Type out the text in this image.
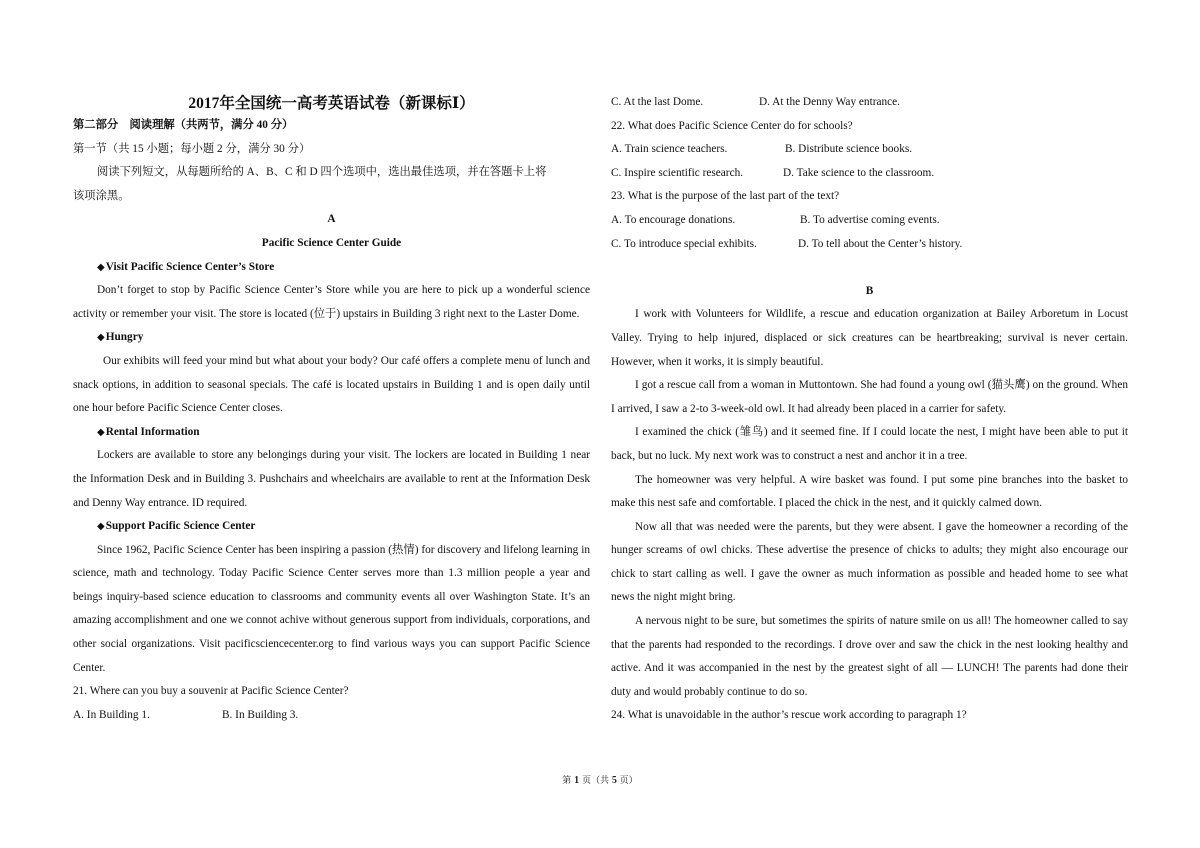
2017年全国统一高考英语试卷（新课标Ⅰ）

第二部分　阅读理解（共两节，满分 40 分）

第一节（共 15 小题；每小题 2 分，满分 30 分）

阅读下列短文，从每题所给的 A、B、C 和 D 四个选项中，选出最佳选项，并在答题卡上将

该项涂黑。

A

Pacific Science Center Guide

◆Visit Pacific Science Center’s Store

Don’t forget to stop by Pacific Science Center’s Store while you are here to pick up a wonderful science activity or remember your visit. The store is located (位于) upstairs in Building 3 right next to the Laster Dome.

◆Hungry

Our exhibits will feed your mind but what about your body? Our café offers a complete menu of lunch and snack options, in addition to seasonal specials. The café is located upstairs in Building 1 and is open daily until one hour before Pacific Science Center closes.

◆Rental Information

Lockers are available to store any belongings during your visit. The lockers are located in Building 1 near the Information Desk and in Building 3. Pushchairs and wheelchairs are available to rent at the Information Desk and Denny Way entrance. ID required.

◆Support Pacific Science Center

Since 1962, Pacific Science Center has been inspiring a passion (热情) for discovery and lifelong learning in science, math and technology. Today Pacific Science Center serves more than 1.3 million people a year and beings inquiry-based science education to classrooms and community events all over Washington State. It’s an amazing accomplishment and one we connot achive without generous support from individuals, corporations, and other social organizations. Visit pacificsciencecenter.org to find various ways you can support Pacific Science Center.

21. Where can you buy a souvenir at Pacific Science Center?

A. In Building 1.	B. In Building 3.
C. At the last Dome.	D. At the Denny Way entrance.

22. What does Pacific Science Center do for schools?

A. Train science teachers.	B. Distribute science books.
C. Inspire scientific research.	D. Take science to the classroom.

23. What is the purpose of the last part of the text?

A. To encourage donations.	B. To advertise coming events.
C. To introduce special exhibits.	D. To tell about the Center’s history.

B

I work with Volunteers for Wildlife, a rescue and education organization at Bailey Arboretum in Locust Valley. Trying to help injured, displaced or sick creatures can be heartbreaking; survival is never certain. However, when it works, it is simply beautiful.

I got a rescue call from a woman in Muttontown. She had found a young owl (猫头鹰) on the ground. When I arrived, I saw a 2-to 3-week-old owl. It had already been placed in a carrier for safety.

I examined the chick (雏鸟) and it seemed fine. If I could locate the nest, I might have been able to put it back, but no luck. My next work was to construct a nest and anchor it in a tree.

The homeowner was very helpful. A wire basket was found. I put some pine branches into the basket to make this nest safe and comfortable. I placed the chick in the nest, and it quickly calmed down.

Now all that was needed were the parents, but they were absent. I gave the homeowner a recording of the hunger screams of owl chicks. These advertise the presence of chicks to adults; they might also encourage our chick to start calling as well. I gave the owner as much information as possible and headed home to see what news the night might bring.

A nervous night to be sure, but sometimes the spirits of nature smile on us all! The homeowner called to say that the parents had responded to the recordings. I drove over and saw the chick in the nest looking healthy and active. And it was accompanied in the nest by the greatest sight of all — LUNCH! The parents had done their duty and would probably continue to do so.

24. What is unavoidable in the author’s rescue work according to paragraph 1?

第 1 页（共 5 页）
